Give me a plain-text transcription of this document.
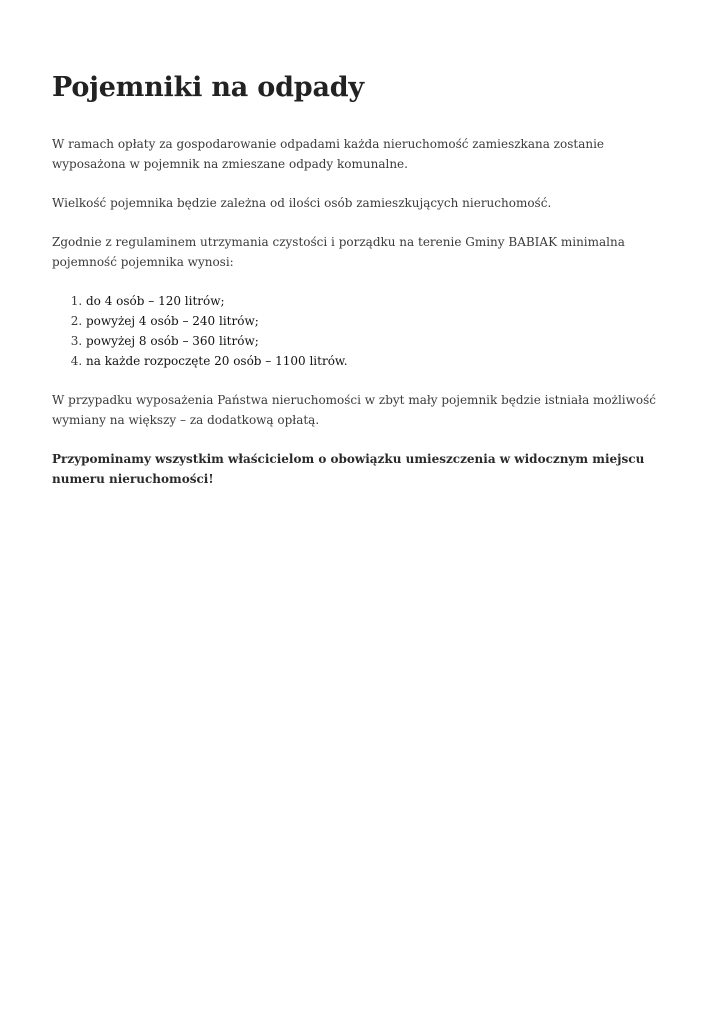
Pojemniki na odpady

W ramach opłaty za gospodarowanie odpadami każda nieruchomość zamieszkana zostanie wyposażona w pojemnik na zmieszane odpady komunalne.

Wielkość pojemnika będzie zależna od ilości osób zamieszkujących nieruchomość.

Zgodnie z regulaminem utrzymania czystości i porządku na terenie Gminy BABIAK minimalna pojemność pojemnika wynosi:

1. do 4 osób – 120 litrów;
2. powyżej 4 osób – 240 litrów;
3. powyżej 8 osób – 360 litrów;
4. na każde rozpoczęte 20 osób – 1100 litrów.

W przypadku wyposażenia Państwa nieruchomości w zbyt mały pojemnik będzie istniała możliwość wymiany na większy – za dodatkową opłatą.

Przypominamy wszystkim właścicielom o obowiązku umieszczenia w widocznym miejscu numeru nieruchomości!
